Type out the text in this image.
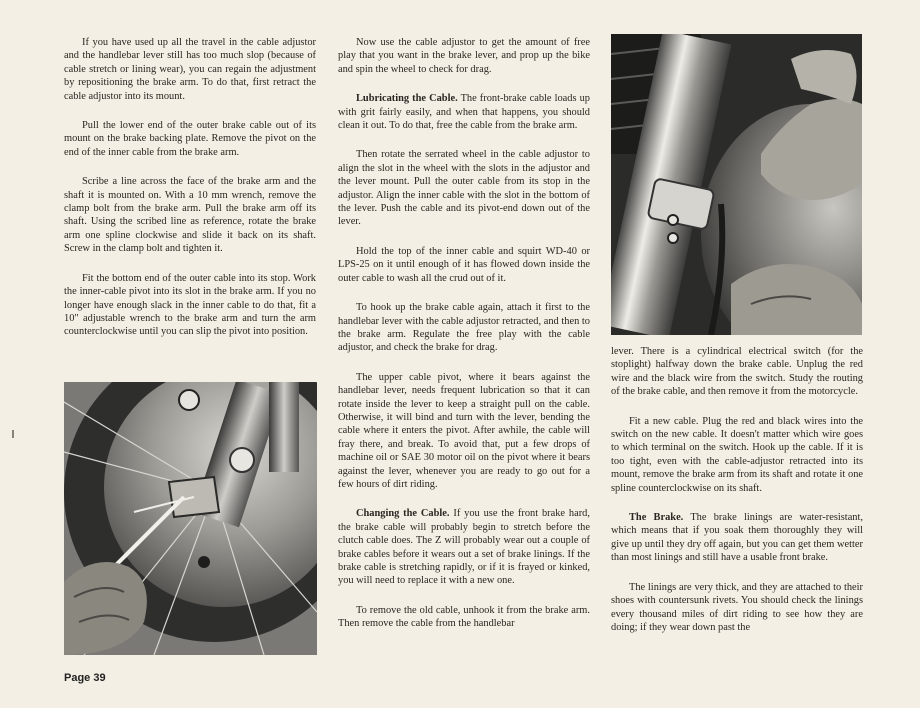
If you have used up all the travel in the cable adjustor and the handlebar lever still has too much slop (because of cable stretch or lining wear), you can regain the adjustment by repositioning the brake arm. To do that, first retract the cable adjustor into its mount.

Pull the lower end of the outer brake cable out of its mount on the brake backing plate. Remove the pivot on the end of the inner cable from the brake arm.

Scribe a line across the face of the brake arm and the shaft it is mounted on. With a 10 mm wrench, remove the clamp bolt from the brake arm. Pull the brake arm off its shaft. Using the scribed line as reference, rotate the brake arm one spline clockwise and slide it back on its shaft. Screw in the clamp bolt and tighten it.

Fit the bottom end of the outer cable into its stop. Work the inner-cable pivot into its slot in the brake arm. If you no longer have enough slack in the inner cable to do that, fit a 10" adjustable wrench to the brake arm and turn the arm counterclockwise until you can slip the pivot into position.

Now use the cable adjustor to get the amount of free play that you want in the brake lever, and prop up the bike and spin the wheel to check for drag.

Lubricating the Cable. The front-brake cable loads up with grit fairly easily, and when that happens, you should clean it out. To do that, free the cable from the brake arm.

Then rotate the serrated wheel in the cable adjustor to align the slot in the wheel with the slots in the adjustor and the lever mount. Pull the outer cable from its stop in the adjustor. Align the inner cable with the slot in the bottom of the lever. Push the cable and its pivot-end down out of the lever.

Hold the top of the inner cable and squirt WD-40 or LPS-25 on it until enough of it has flowed down inside the outer cable to wash all the crud out of it.

To hook up the brake cable again, attach it first to the handlebar lever with the cable adjustor retracted, and then to the brake arm. Regulate the free play with the cable adjustor, and check the brake for drag.

The upper cable pivot, where it bears against the handlebar lever, needs frequent lubrication so that it can rotate inside the lever to keep a straight pull on the cable. Otherwise, it will bind and turn with the lever, bending the cable where it enters the pivot. After awhile, the cable will fray there, and break. To avoid that, put a few drops of machine oil or SAE 30 motor oil on the pivot where it bears against the lever, whenever you are ready to go out for a few hours of dirt riding.

Changing the Cable. If you use the front brake hard, the brake cable will probably begin to stretch before the clutch cable does. The Z will probably wear out a couple of brake cables before it wears out a set of brake linings. If the brake cable is stretching rapidly, or if it is frayed or kinked, you will need to replace it with a new one.

To remove the old cable, unhook it from the brake arm. Then remove the cable from the handlebar

lever. There is a cylindrical electrical switch (for the stoplight) halfway down the brake cable. Unplug the red wire and the black wire from the switch. Study the routing of the brake cable, and then remove it from the motorcycle.

Fit a new cable. Plug the red and black wires into the switch on the new cable. It doesn't matter which wire goes to which terminal on the switch. Hook up the cable. If it is too tight, even with the cable-adjustor retracted into its mount, remove the brake arm from its shaft and rotate it one spline counterclockwise on its shaft.

The Brake. The brake linings are water-resistant, which means that if you soak them thoroughly they will give up until they dry off again, but you can get them wetter than most linings and still have a usable front brake.

The linings are very thick, and they are attached to their shoes with countersunk rivets. You should check the linings every thousand miles of dirt riding to see how they are doing; if they wear down past the

Page 39
